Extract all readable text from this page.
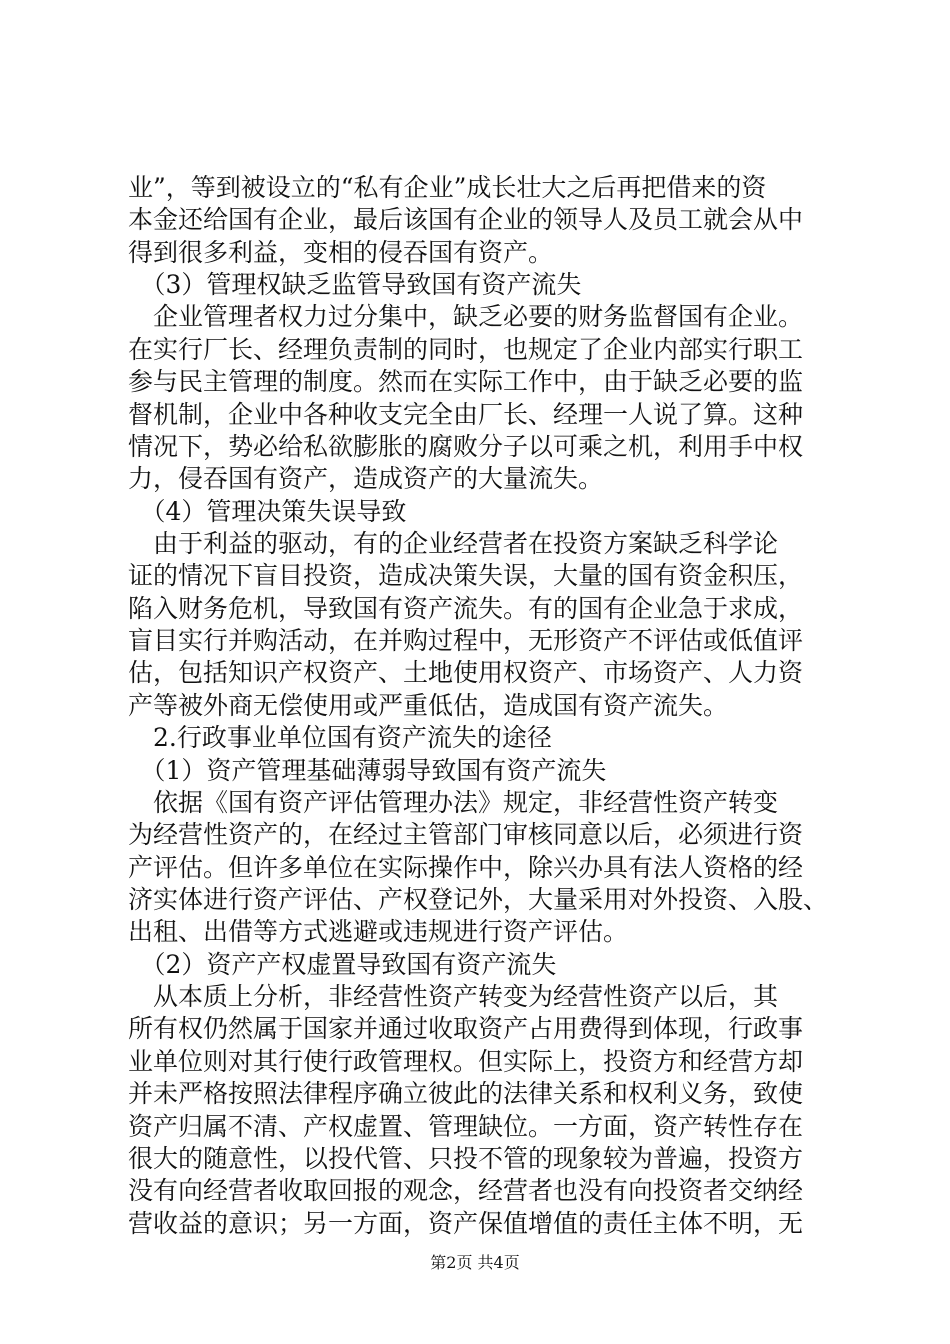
业”，等到被设立的“私有企业”成长壮大之后再把借来的资
本金还给国有企业，最后该国有企业的领导人及员工就会从中
得到很多利益，变相的侵吞国有资产。
　（3）管理权缺乏监管导致国有资产流失
　企业管理者权力过分集中，缺乏必要的财务监督国有企业。
在实行厂长、经理负责制的同时，也规定了企业内部实行职工
参与民主管理的制度。然而在实际工作中，由于缺乏必要的监
督机制，企业中各种收支完全由厂长、经理一人说了算。这种
情况下，势必给私欲膨胀的腐败分子以可乘之机，利用手中权
力，侵吞国有资产，造成资产的大量流失。
　（4）管理决策失误导致
　由于利益的驱动，有的企业经营者在投资方案缺乏科学论
证的情况下盲目投资，造成决策失误，大量的国有资金积压，
陷入财务危机，导致国有资产流失。有的国有企业急于求成，
盲目实行并购活动，在并购过程中，无形资产不评估或低值评
估，包括知识产权资产、土地使用权资产、市场资产、人力资
产等被外商无偿使用或严重低估，造成国有资产流失。
　2.行政事业单位国有资产流失的途径
　（1）资产管理基础薄弱导致国有资产流失
　依据《国有资产评估管理办法》规定，非经营性资产转变
为经营性资产的，在经过主管部门审核同意以后，必须进行资
产评估。但许多单位在实际操作中，除兴办具有法人资格的经
济实体进行资产评估、产权登记外，大量采用对外投资、入股、
出租、出借等方式逃避或违规进行资产评估。
　（2）资产产权虚置导致国有资产流失
　从本质上分析，非经营性资产转变为经营性资产以后，其
所有权仍然属于国家并通过收取资产占用费得到体现，行政事
业单位则对其行使行政管理权。但实际上，投资方和经营方却
并未严格按照法律程序确立彼此的法律关系和权利义务，致使
资产归属不清、产权虚置、管理缺位。一方面，资产转性存在
很大的随意性，以投代管、只投不管的现象较为普遍，投资方
第2页 共4页
没有向经营者收取回报的观念，经营者也没有向投资者交纳经
营收益的意识；另一方面，资产保值增值的责任主体不明，无
